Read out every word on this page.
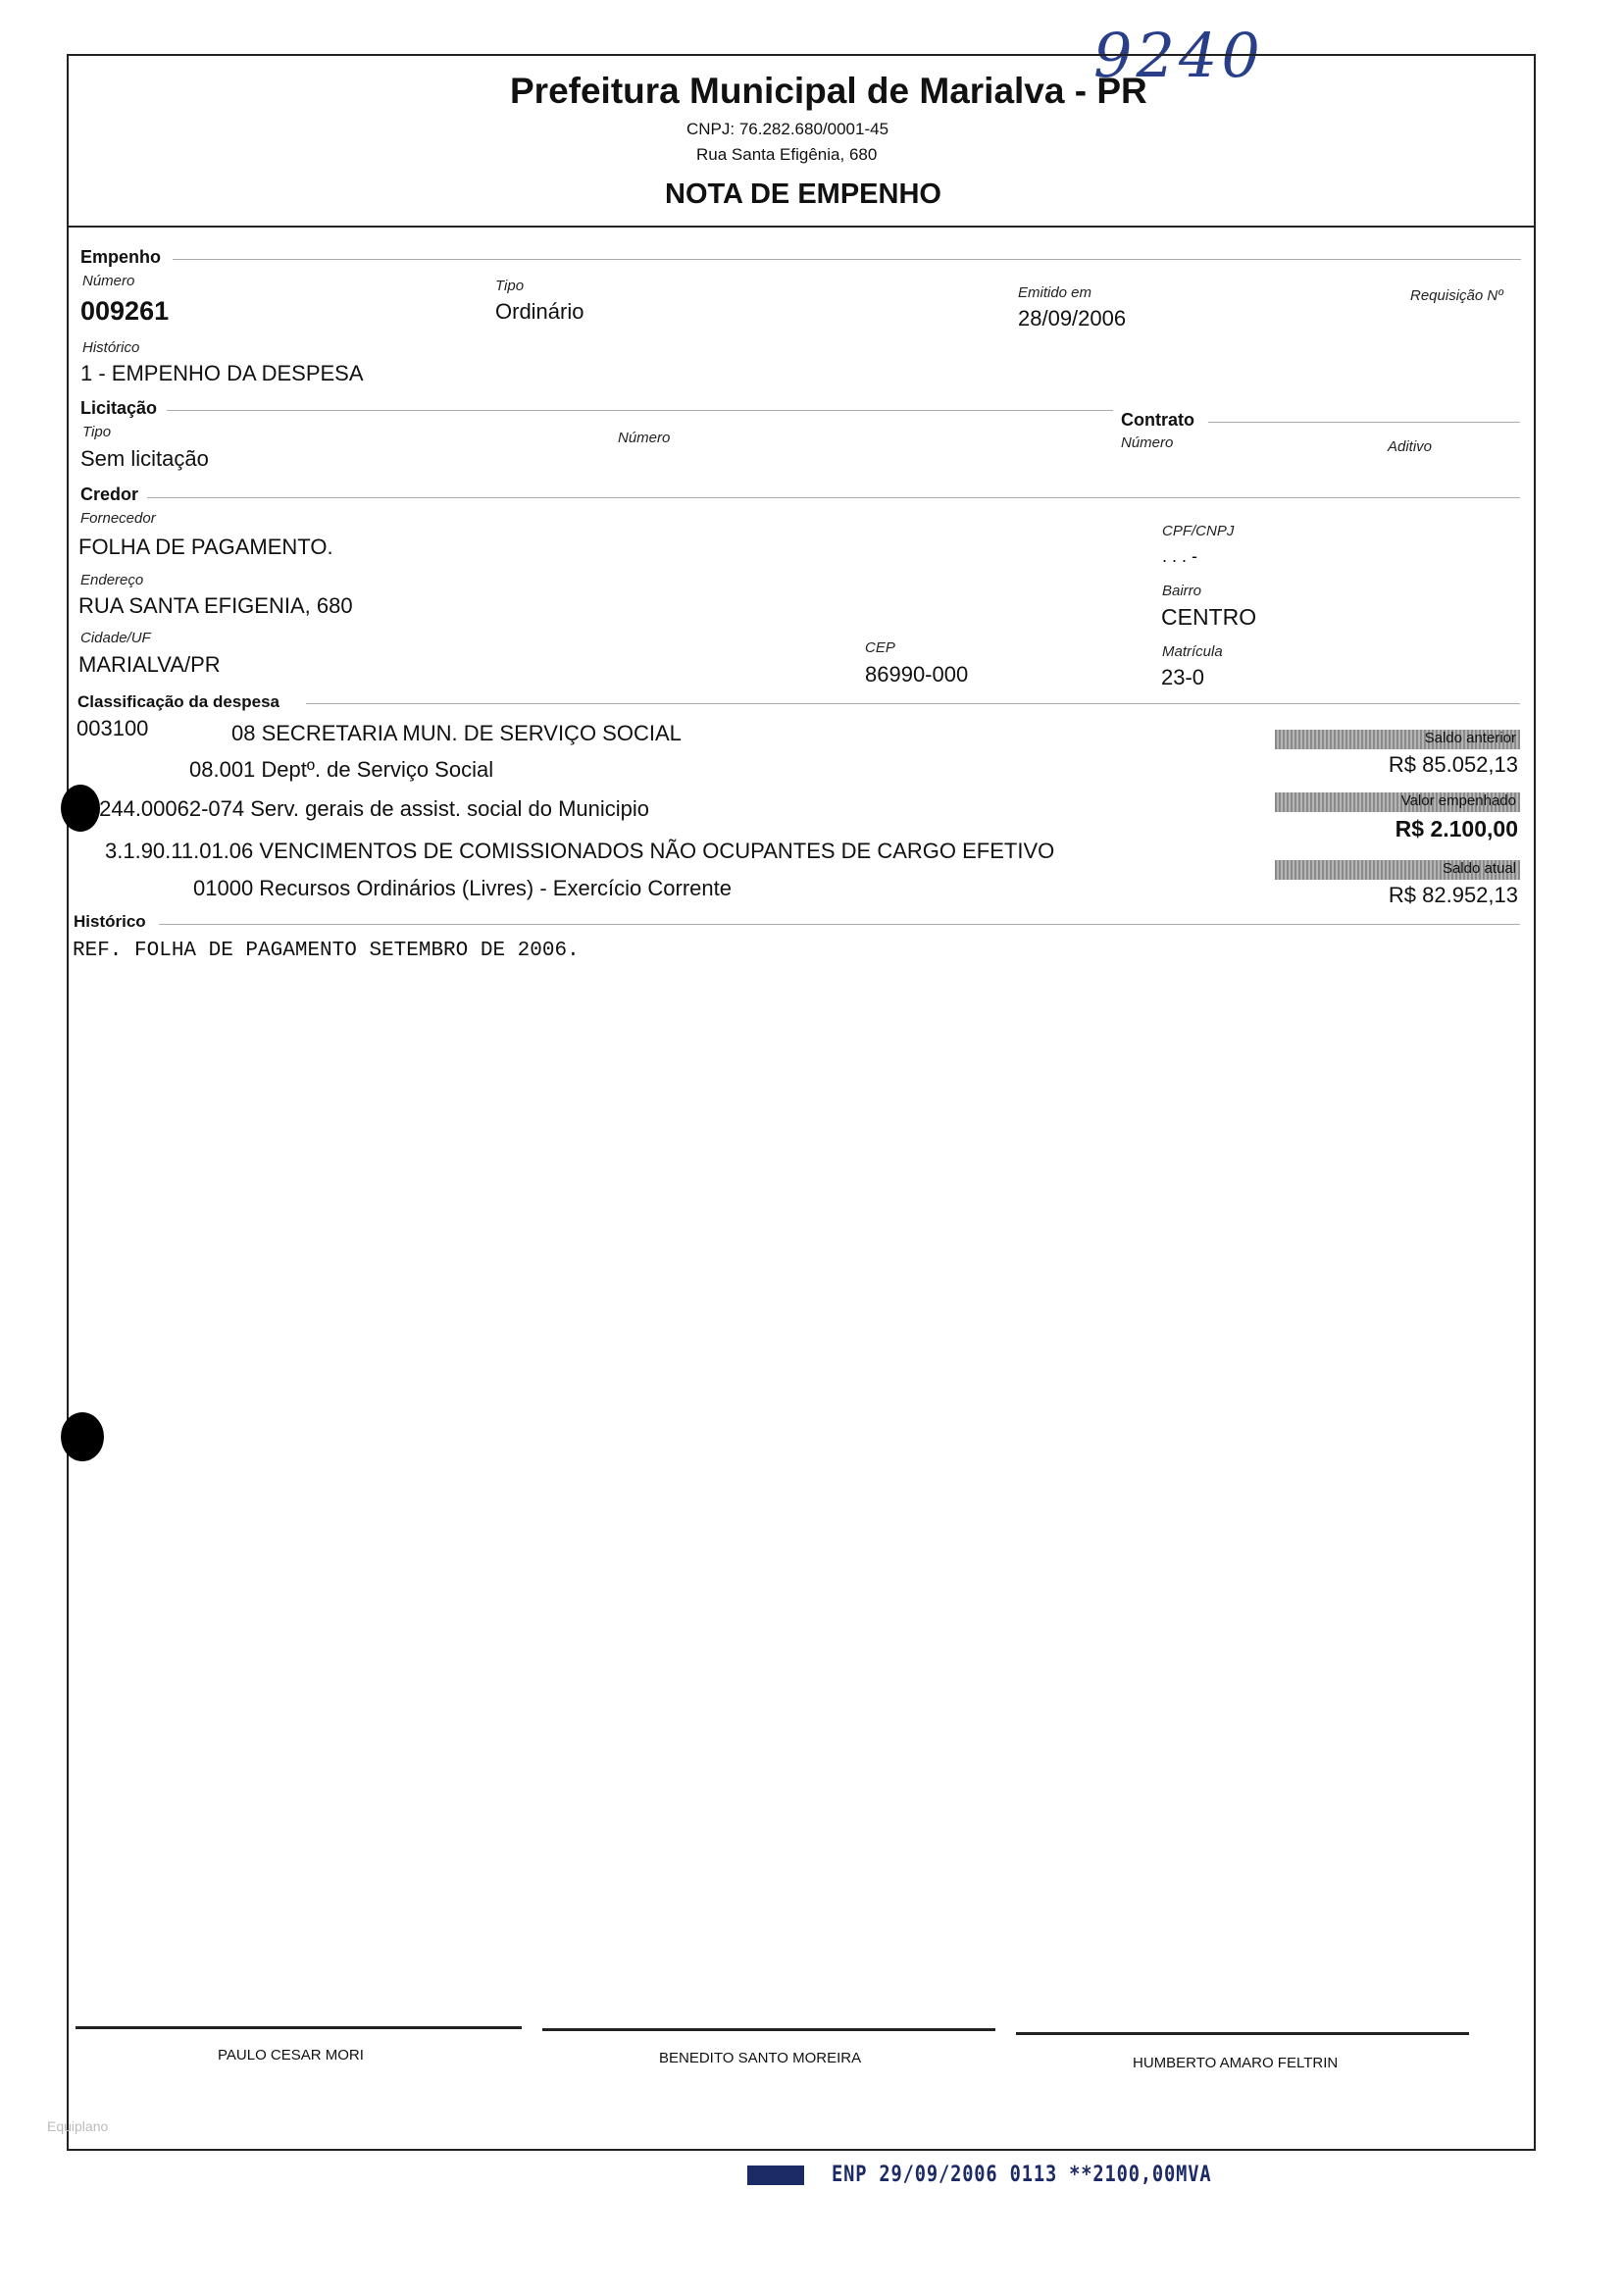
9240
Prefeitura Municipal de Marialva - PR
CNPJ: 76.282.680/0001-45
Rua Santa Efigênia, 680
NOTA DE EMPENHO
Empenho
Número
009261
Tipo
Ordinário
Emitido em
28/09/2006
Requisição Nº
Histórico
1 - EMPENHO DA DESPESA
Licitação
Tipo
Sem licitação
Número
Contrato
Número	Aditivo
Credor
Fornecedor
FOLHA DE PAGAMENTO.
CPF/CNPJ
. . . -
Endereço
RUA SANTA EFIGENIA, 680
Bairro
CENTRO
Cidade/UF
MARIALVA/PR
CEP
86990-000
Matrícula
23-0
Classificação da despesa
003100	08 SECRETARIA MUN. DE SERVIÇO SOCIAL
08.001 Deptº. de Serviço Social
.244.00062-074 Serv. gerais de assist. social do Municipio
3.1.90.11.01.06 VENCIMENTOS DE COMISSIONADOS NÃO OCUPANTES DE CARGO EFETIVO
01000 Recursos Ordinários (Livres) - Exercício Corrente
Saldo anterior
R$ 85.052,13
Valor empenhado
R$ 2.100,00
Saldo atual
R$ 82.952,13
Histórico
REF. FOLHA DE PAGAMENTO SETEMBRO DE 2006.
PAULO CESAR MORI	BENEDITO SANTO MOREIRA	HUMBERTO AMARO FELTRIN
Equiplano
ENP 29/09/2006 0113 **2100,00MVA
